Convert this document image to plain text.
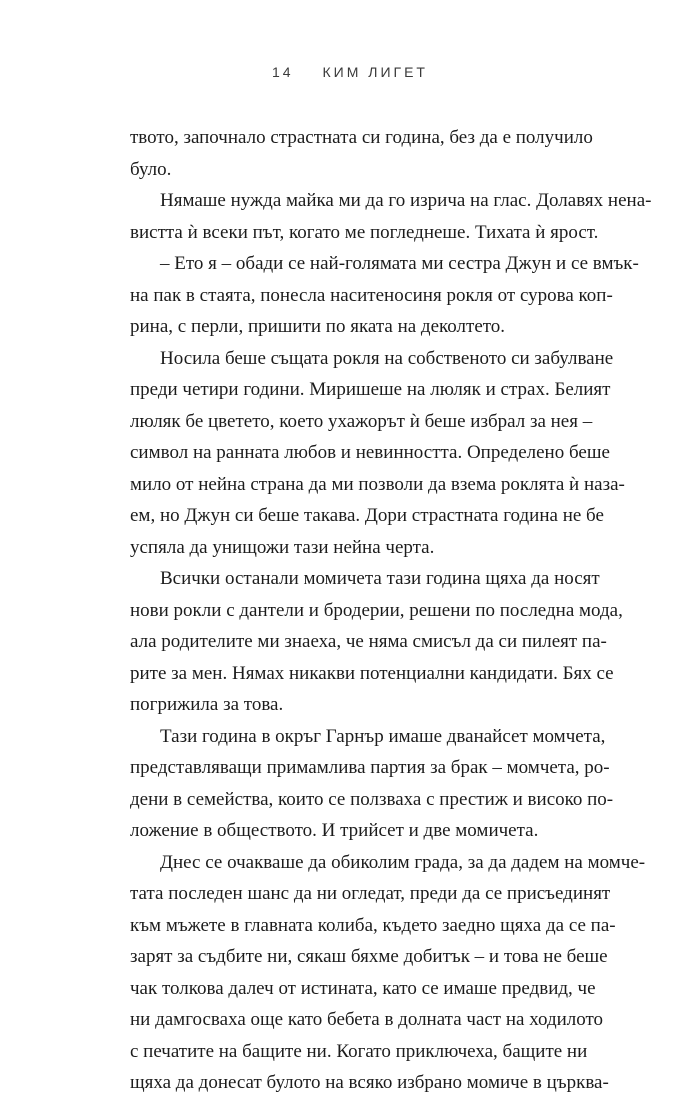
14 КИМ ЛИГЕТ
твото, започнало страстната си година, без да е получило
було.
Нямаше нужда майка ми да го изрича на глас. Долавях нена-
вистта ѝ всеки път, когато ме погледнеше. Тихата ѝ ярост.
– Ето я – обади се най-голямата ми сестра Джун и се вмък-
на пак в стаята, понесла наситеносиня рокля от сурова коп-
рина, с перли, пришити по яката на деколтето.
Носила беше същата рокля на собственото си забулване
преди четири години. Миришеше на люляк и страх. Белият
люляк бе цветето, което ухажорът ѝ беше избрал за нея –
символ на ранната любов и невинността. Определено беше
мило от нейна страна да ми позволи да взема роклята ѝ наза-
ем, но Джун си беше такава. Дори страстната година не бе
успяла да унищожи тази нейна черта.
Всички останали момичета тази година щяха да носят
нови рокли с дантели и бродерии, решени по последна мода,
ала родителите ми знаеха, че няма смисъл да си пилеят па-
рите за мен. Нямах никакви потенциални кандидати. Бях се
погрижила за това.
Тази година в окръг Гарнър имаше дванайсет момчета,
представляващи примамлива партия за брак – момчета, ро-
дени в семейства, които се ползваха с престиж и високо по-
ложение в обществото. И трийсет и две момичета.
Днес се очакваше да обиколим града, за да дадем на момче-
тата последен шанс да ни огледат, преди да се присъединят
към мъжете в главната колиба, където заедно щяха да се па-
зарят за съдбите ни, сякаш бяхме добитък – и това не беше
чак толкова далеч от истината, като се имаше предвид, че
ни дамгосваха още като бебета в долната част на ходилото
с печатите на бащите ни. Когато приключеха, бащите ни
щяха да донесат булото на всяко избрано момиче в църква-
